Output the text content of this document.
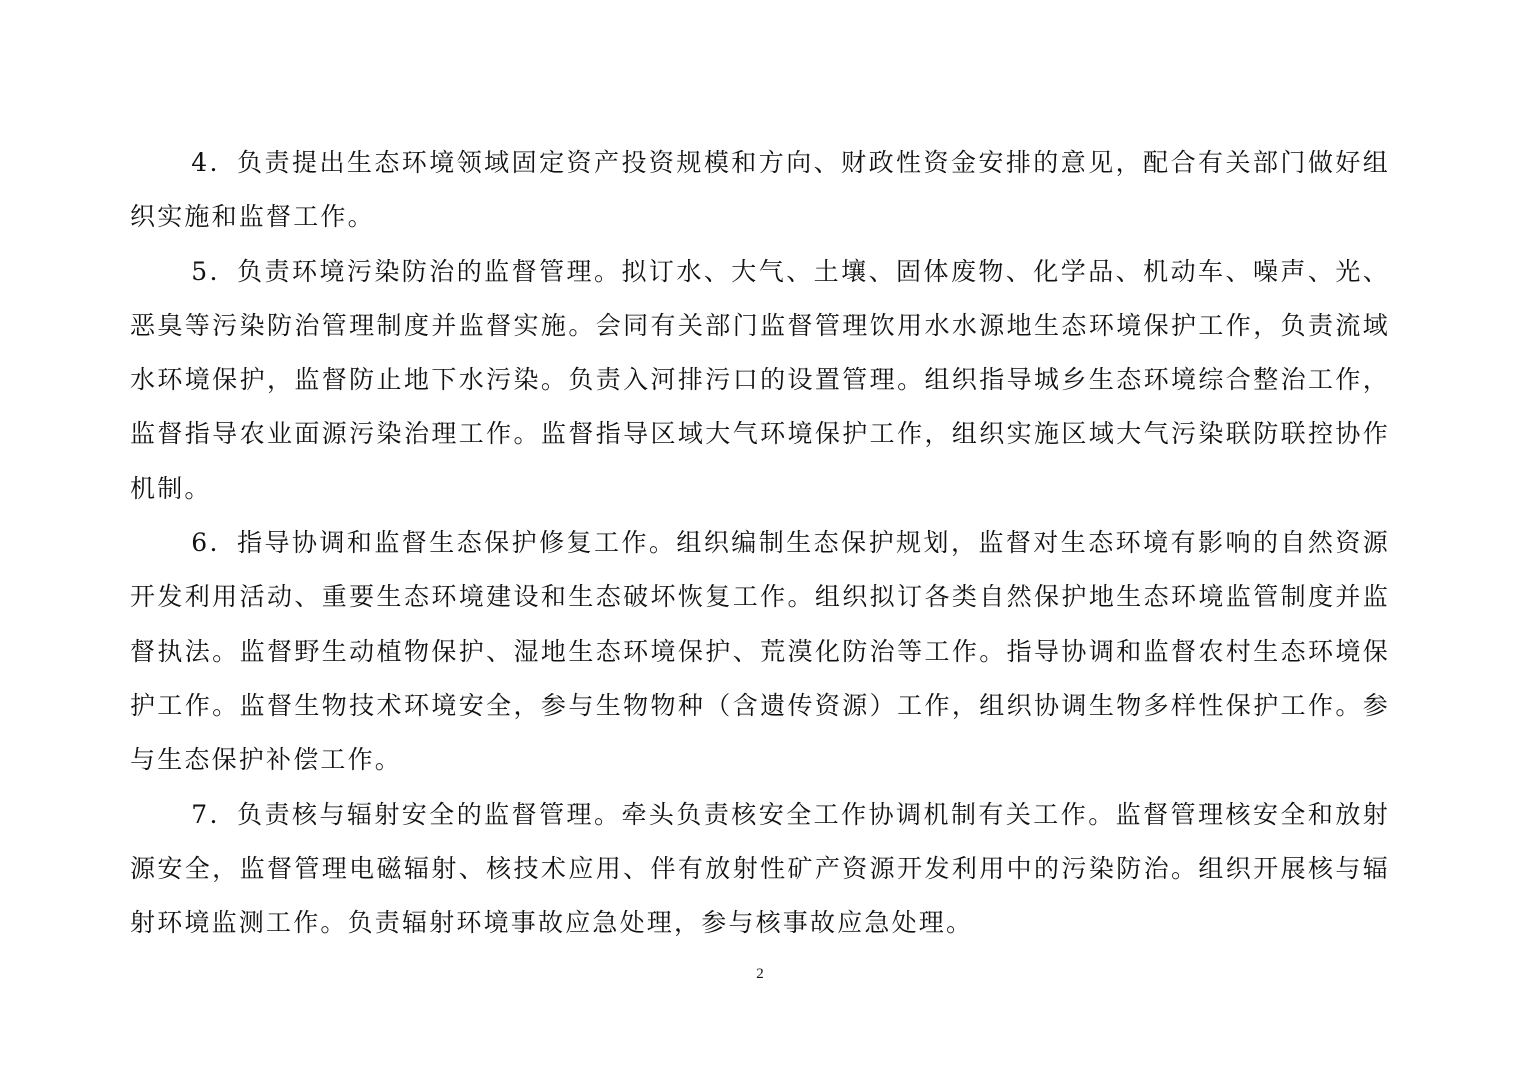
4．负责提出生态环境领域固定资产投资规模和方向、财政性资金安排的意见，配合有关部门做好组织实施和监督工作。

5．负责环境污染防治的监督管理。拟订水、大气、土壤、固体废物、化学品、机动车、噪声、光、恶臭等污染防治管理制度并监督实施。会同有关部门监督管理饮用水水源地生态环境保护工作，负责流域水环境保护，监督防止地下水污染。负责入河排污口的设置管理。组织指导城乡生态环境综合整治工作，监督指导农业面源污染治理工作。监督指导区域大气环境保护工作，组织实施区域大气污染联防联控协作机制。

6．指导协调和监督生态保护修复工作。组织编制生态保护规划，监督对生态环境有影响的自然资源开发利用活动、重要生态环境建设和生态破坏恢复工作。组织拟订各类自然保护地生态环境监管制度并监督执法。监督野生动植物保护、湿地生态环境保护、荒漠化防治等工作。指导协调和监督农村生态环境保护工作。监督生物技术环境安全，参与生物物种（含遗传资源）工作，组织协调生物多样性保护工作。参与生态保护补偿工作。

7．负责核与辐射安全的监督管理。牵头负责核安全工作协调机制有关工作。监督管理核安全和放射源安全，监督管理电磁辐射、核技术应用、伴有放射性矿产资源开发利用中的污染防治。组织开展核与辐射环境监测工作。负责辐射环境事故应急处理，参与核事故应急处理。

2
